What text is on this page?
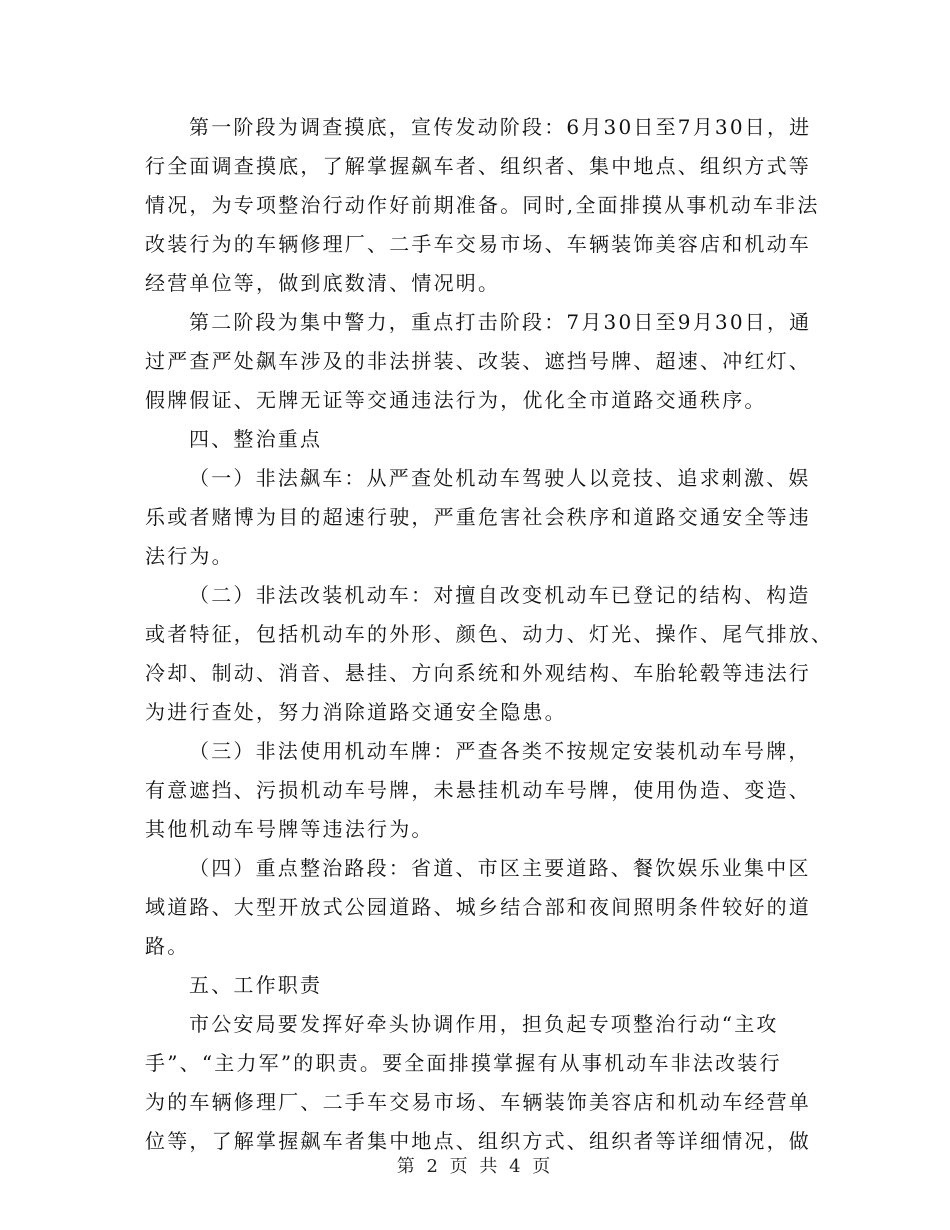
第一阶段为调查摸底，宣传发动阶段：6月30日至7月30日，进
行全面调查摸底，了解掌握飙车者、组织者、集中地点、组织方式等
情况，为专项整治行动作好前期准备。同时,全面排摸从事机动车非法
改装行为的车辆修理厂、二手车交易市场、车辆装饰美容店和机动车
经营单位等，做到底数清、情况明。

第二阶段为集中警力，重点打击阶段：7月30日至9月30日，通
过严查严处飙车涉及的非法拼装、改装、遮挡号牌、超速、冲红灯、
假牌假证、无牌无证等交通违法行为，优化全市道路交通秩序。

四、整治重点

（一）非法飙车：从严查处机动车驾驶人以竞技、追求刺激、娱
乐或者赌博为目的超速行驶，严重危害社会秩序和道路交通安全等违
法行为。

（二）非法改装机动车：对擅自改变机动车已登记的结构、构造
或者特征，包括机动车的外形、颜色、动力、灯光、操作、尾气排放、
冷却、制动、消音、悬挂、方向系统和外观结构、车胎轮毂等违法行
为进行查处，努力消除道路交通安全隐患。

（三）非法使用机动车牌：严查各类不按规定安装机动车号牌，
有意遮挡、污损机动车号牌，未悬挂机动车号牌，使用伪造、变造、
其他机动车号牌等违法行为。

（四）重点整治路段：省道、市区主要道路、餐饮娱乐业集中区
域道路、大型开放式公园道路、城乡结合部和夜间照明条件较好的道
路。

五、工作职责

市公安局要发挥好牵头协调作用，担负起专项整治行动“主攻
手”、“主力军”的职责。要全面排摸掌握有从事机动车非法改装行
为的车辆修理厂、二手车交易市场、车辆装饰美容店和机动车经营单
位等，了解掌握飙车者集中地点、组织方式、组织者等详细情况，做

第 2 页 共 4 页
